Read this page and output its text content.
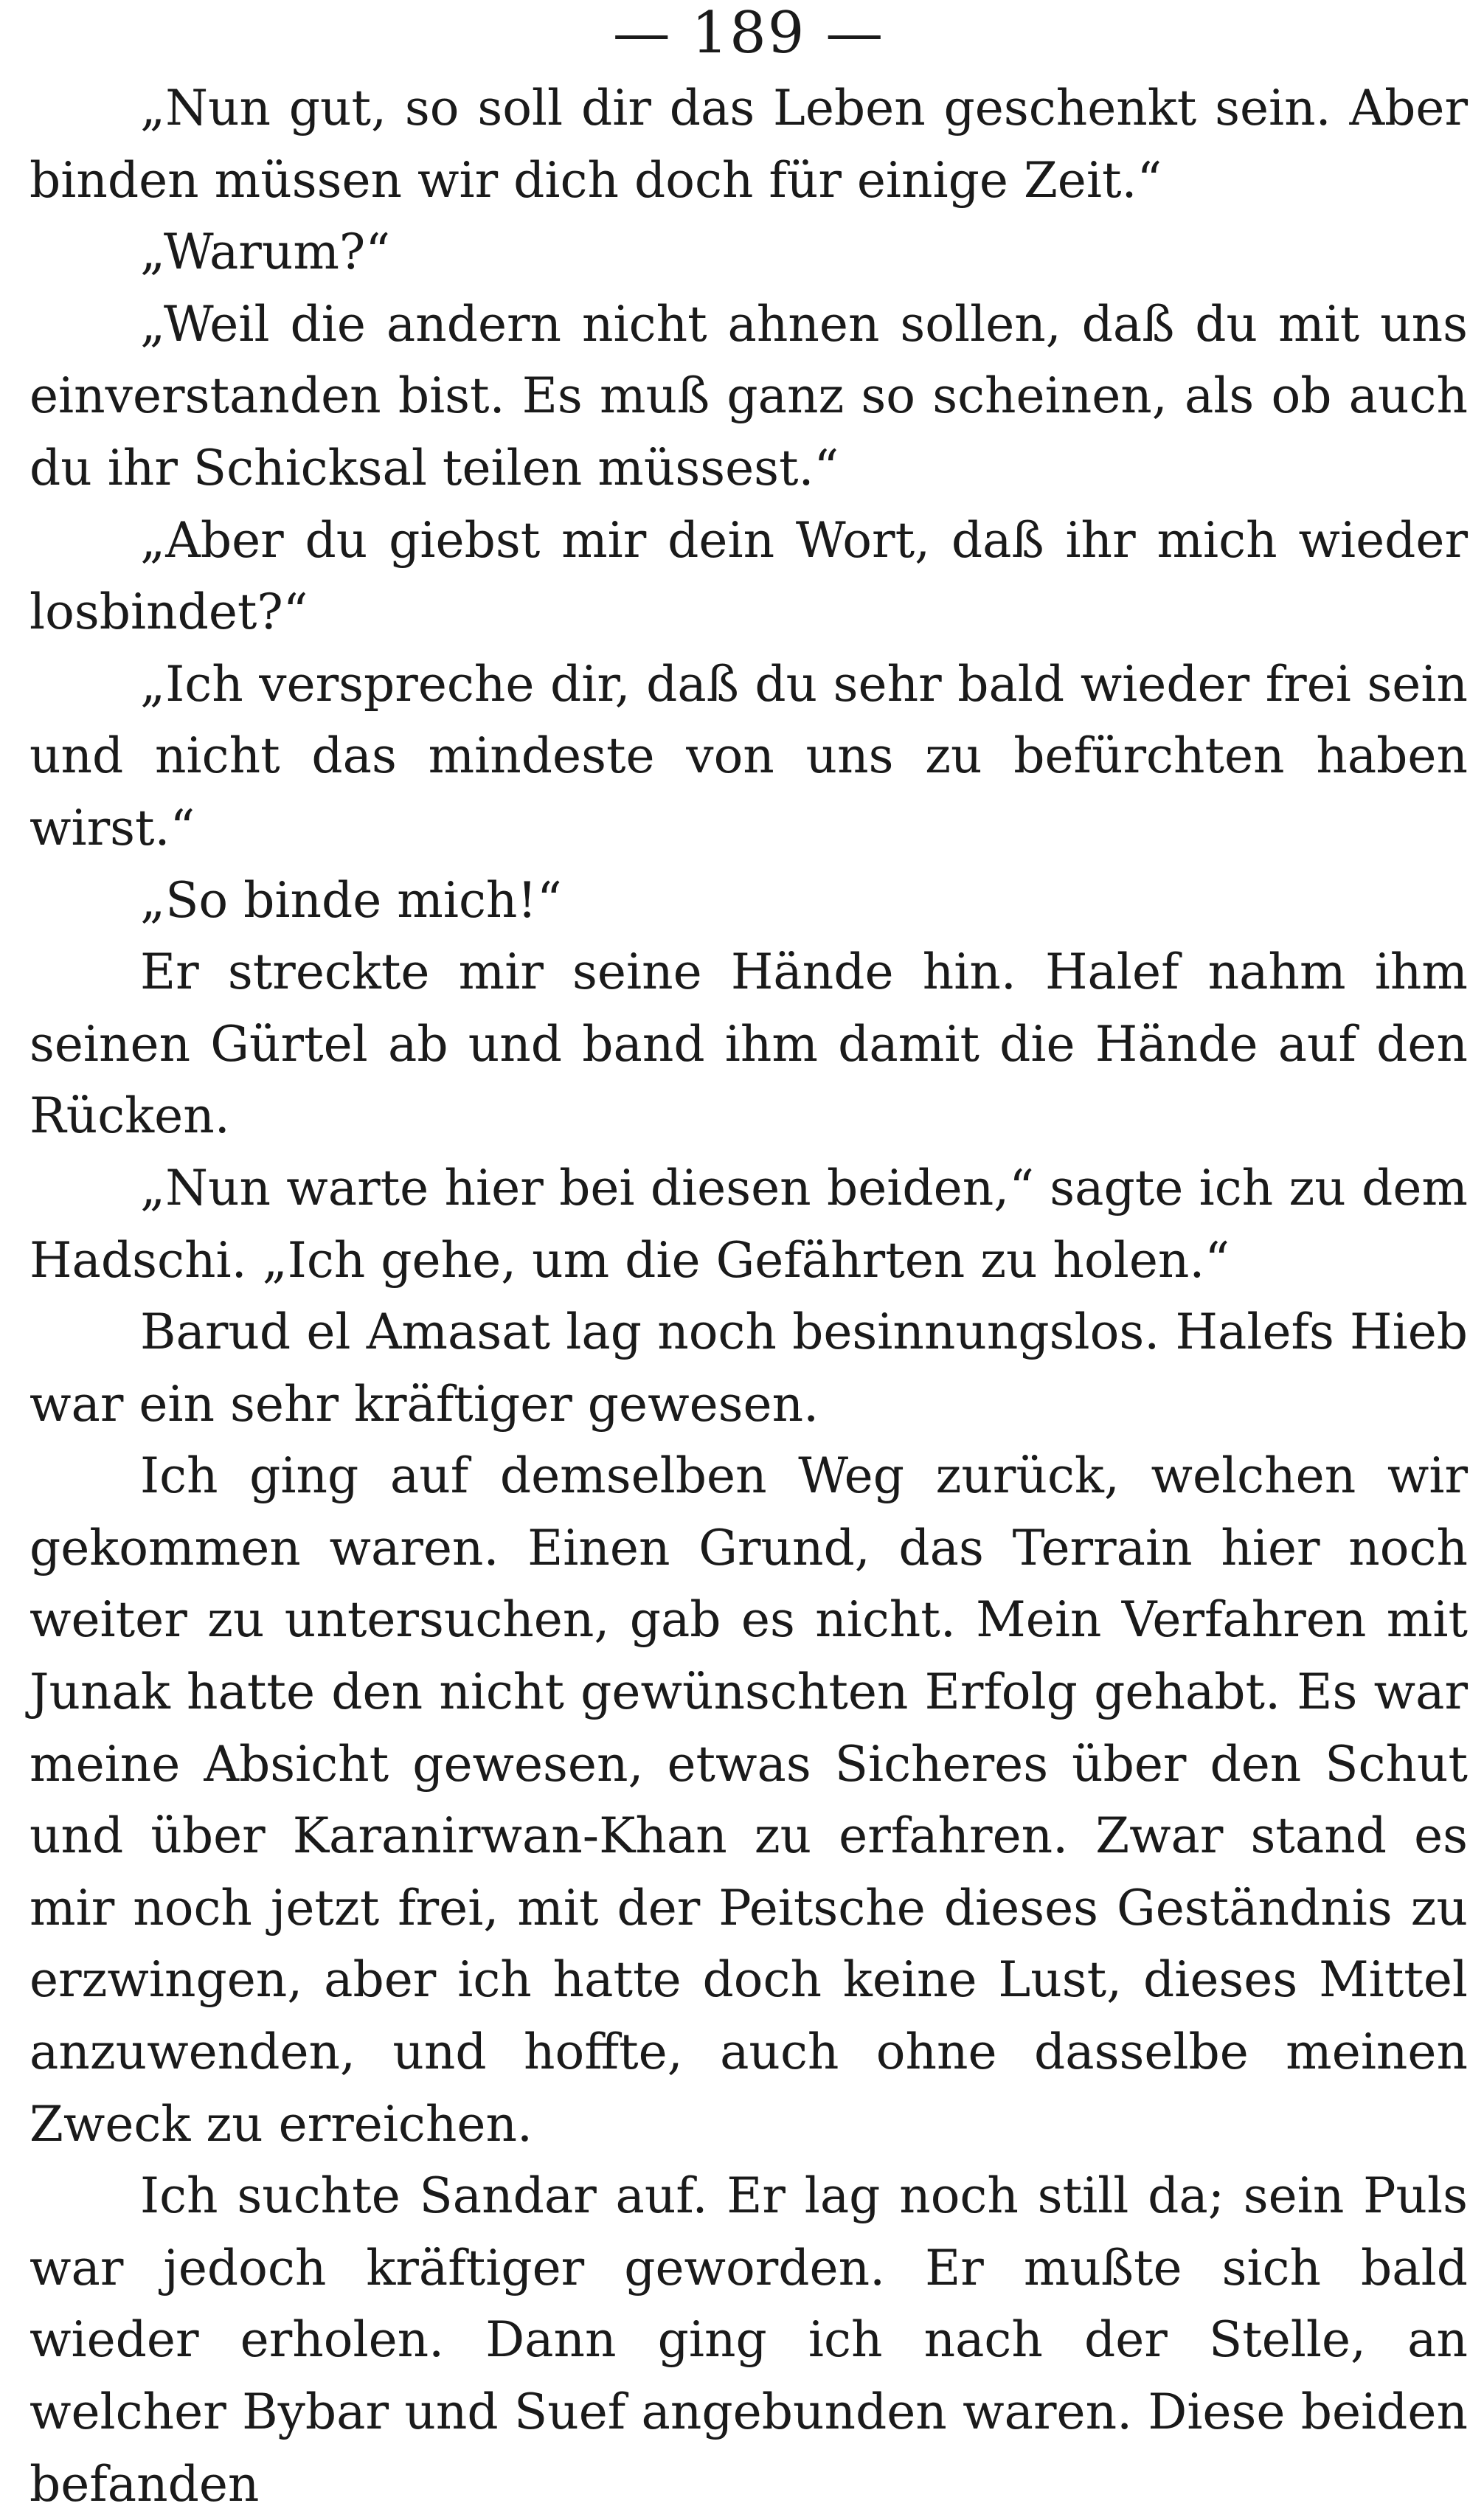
— 189 —

„Nun gut, so soll dir das Leben geschenkt sein. Aber binden müssen wir dich doch für einige Zeit.“

„Warum?“

„Weil die andern nicht ahnen sollen, daß du mit uns einverstanden bist. Es muß ganz so scheinen, als ob auch du ihr Schicksal teilen müssest.“

„Aber du giebst mir dein Wort, daß ihr mich wieder losbindet?“

„Ich verspreche dir, daß du sehr bald wieder frei sein und nicht das mindeste von uns zu befürchten haben wirst.“

„So binde mich!“

Er streckte mir seine Hände hin. Halef nahm ihm seinen Gürtel ab und band ihm damit die Hände auf den Rücken.

„Nun warte hier bei diesen beiden,“ sagte ich zu dem Hadschi. „Ich gehe, um die Gefährten zu holen.“

Barud el Amasat lag noch besinnungslos. Halefs Hieb war ein sehr kräftiger gewesen.

Ich ging auf demselben Weg zurück, welchen wir gekommen waren. Einen Grund, das Terrain hier noch weiter zu untersuchen, gab es nicht. Mein Verfahren mit Junak hatte den nicht gewünschten Erfolg gehabt. Es war meine Absicht gewesen, etwas Sicheres über den Schut und über Karanirwan-Khan zu erfahren. Zwar stand es mir noch jetzt frei, mit der Peitsche dieses Geständnis zu erzwingen, aber ich hatte doch keine Lust, dieses Mittel anzuwenden, und hoffte, auch ohne dasselbe meinen Zweck zu erreichen.

Ich suchte Sandar auf. Er lag noch still da; sein Puls war jedoch kräftiger geworden. Er mußte sich bald wieder erholen. Dann ging ich nach der Stelle, an welcher Bybar und Suef angebunden waren. Diese beiden befanden
